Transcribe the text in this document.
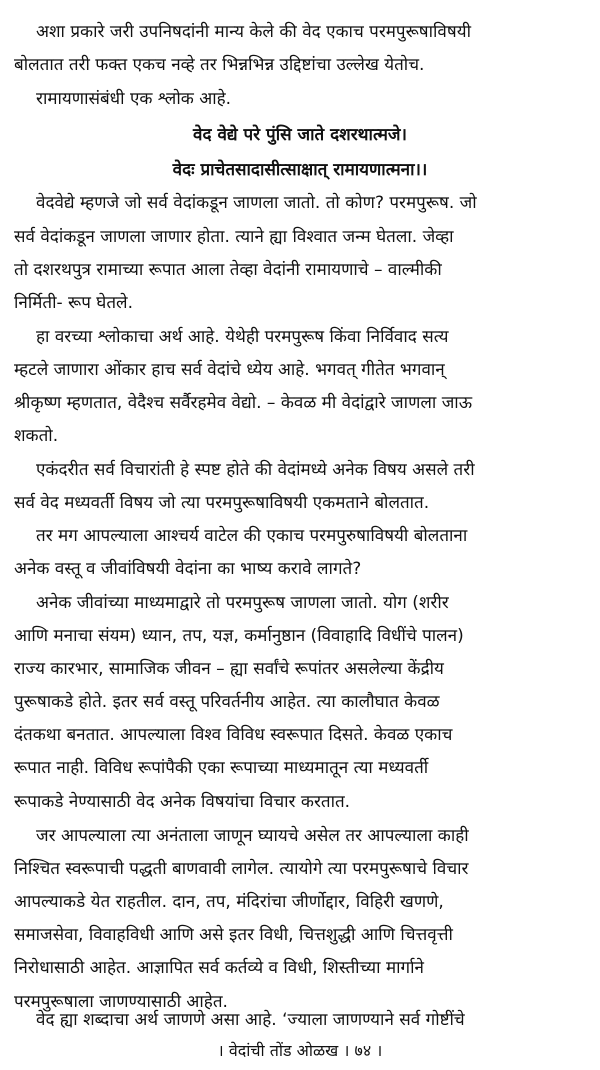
अशा प्रकारे जरी उपनिषदांनी मान्य केले की वेद एकाच परमपुरूषाविषयी
बोलतात तरी फक्त एकच नव्हे तर भिन्नभिन्न उद्दिष्टांचा उल्लेख येतोच.
रामायणासंबंधी एक श्लोक आहे.
वेद वेद्ये परे पुंसि जाते दशरथात्मजे।
वेदः प्राचेतसादासीत्साक्षात् रामायणात्मना।।
वेदवेद्ये म्हणजे जो सर्व वेदांकडून जाणला जातो. तो कोण? परमपुरूष. जो
सर्व वेदांकडून जाणला जाणार होता. त्याने ह्या विश्वात जन्म घेतला. जेव्हा
तो दशरथपुत्र रामाच्या रूपात आला तेव्हा वेदांनी रामायणाचे – वाल्मीकी
निर्मिती- रूप घेतले.
हा वरच्या श्लोकाचा अर्थ आहे. येथेही परमपुरूष किंवा निर्विवाद सत्य
म्हटले जाणारा ओंकार हाच सर्व वेदांचे ध्येय आहे. भगवत् गीतेत भगवान्
श्रीकृष्ण म्हणतात, वेदैश्च सर्वैरहमेव वेद्यो. – केवळ मी वेदांद्वारे जाणला जाऊ
शकतो.
एकंदरीत सर्व विचारांती हे स्पष्ट होते की वेदांमध्ये अनेक विषय असले तरी
सर्व वेद मध्यवर्ती विषय जो त्या परमपुरूषाविषयी एकमताने बोलतात.
तर मग आपल्याला आश्चर्य वाटेल की एकाच परमपुरुषाविषयी बोलताना
अनेक वस्तू व जीवांविषयी वेदांना का भाष्य करावे लागते?
अनेक जीवांच्या माध्यमाद्वारे तो परमपुरूष जाणला जातो. योग (शरीर
आणि मनाचा संयम) ध्यान, तप, यज्ञ, कर्मानुष्ठान (विवाहादि विधींचे पालन)
राज्य कारभार, सामाजिक जीवन – ह्या सर्वांचे रूपांतर असलेल्या केंद्रीय
पुरूषाकडे होते. इतर सर्व वस्तू परिवर्तनीय आहेत. त्या कालौघात केवळ
दंतकथा बनतात. आपल्याला विश्व विविध स्वरूपात दिसते. केवळ एकाच
रूपात नाही. विविध रूपांपैकी एका रूपाच्या माध्यमातून त्या मध्यवर्ती
रूपाकडे नेण्यासाठी वेद अनेक विषयांचा विचार करतात.
जर आपल्याला त्या अनंताला जाणून घ्यायचे असेल तर आपल्याला काही
निश्चित स्वरूपाची पद्धती बाणवावी लागेल. त्यायोगे त्या परमपुरूषाचे विचार
आपल्याकडे येत राहतील. दान, तप, मंदिरांचा जीर्णोद्दार, विहिरी खणणे,
समाजसेवा, विवाहविधी आणि असे इतर विधी, चित्तशुद्धी आणि चित्तवृत्ती
निरोधासाठी आहेत. आज्ञापित सर्व कर्तव्ये व विधी, शिस्तीच्या मार्गाने
परमपुरूषाला जाणण्यासाठी आहेत.
वेद ह्या शब्दाचा अर्थ जाणणे असा आहे. ‘ज्याला जाणण्याने सर्व गोष्टींचे
। वेदांची तोंड ओळख । ७४ ।
